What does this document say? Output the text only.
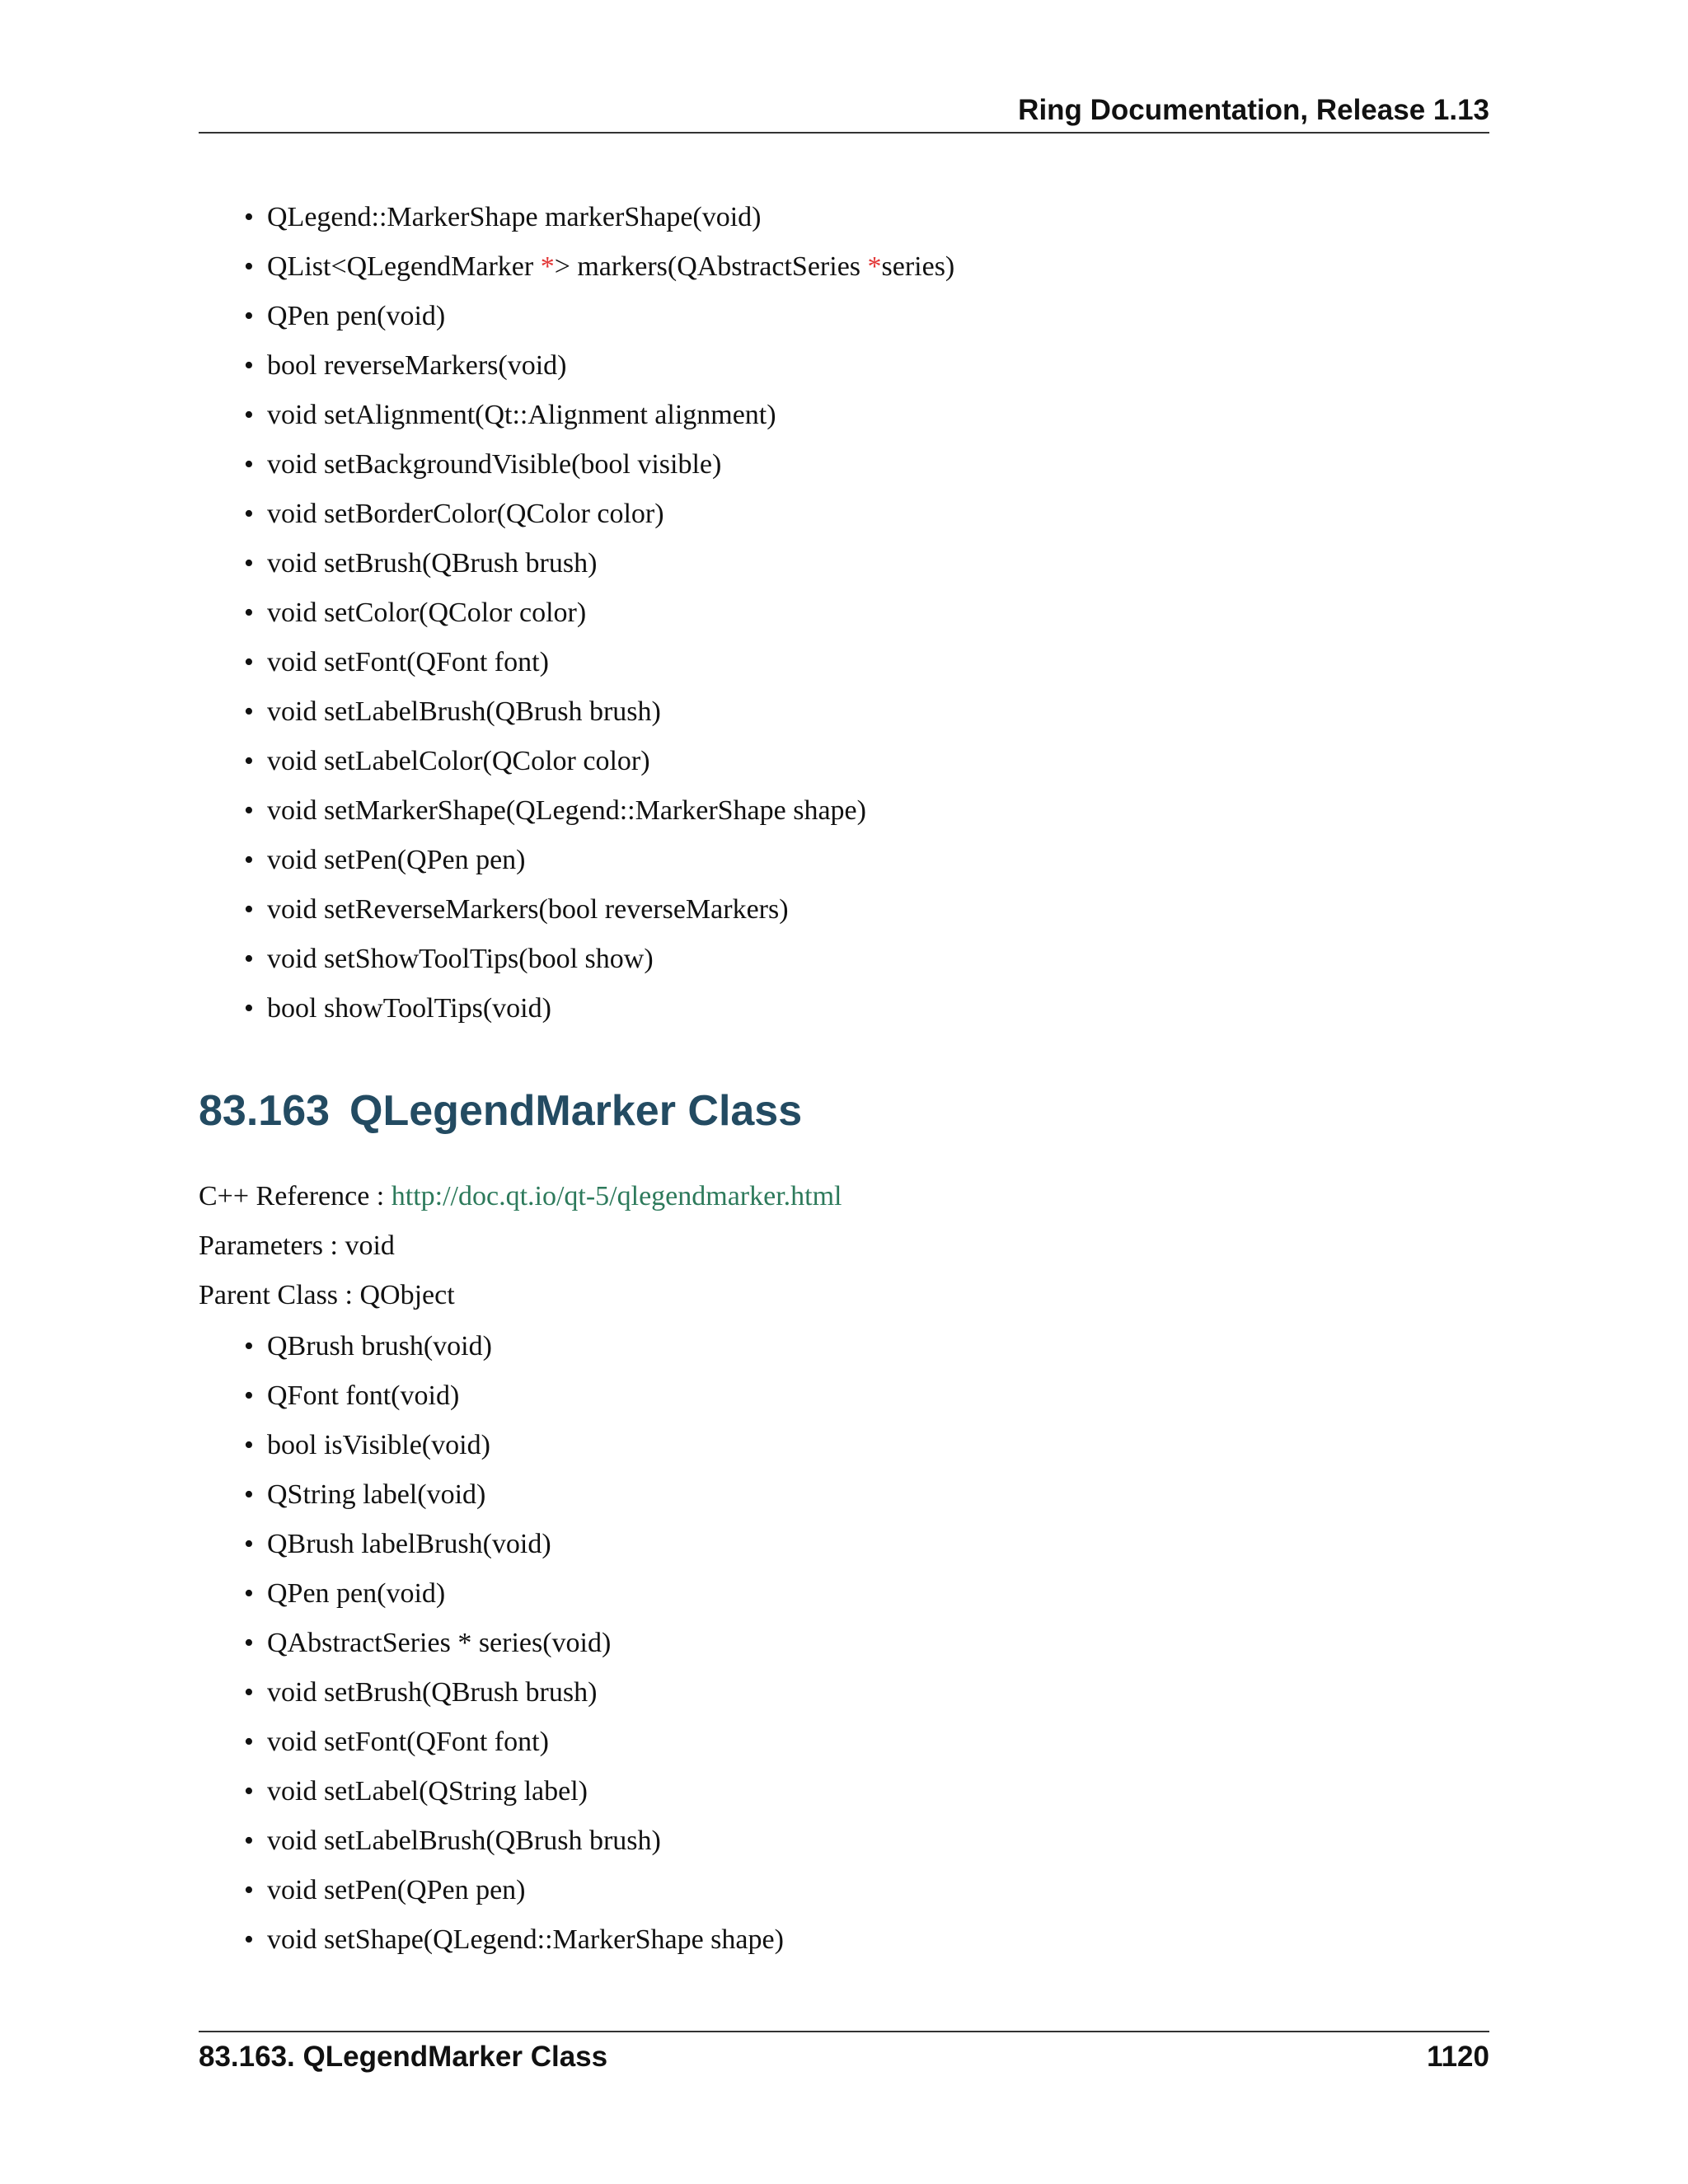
Ring Documentation, Release 1.13
• QLegend::MarkerShape markerShape(void)
• QList<QLegendMarker *> markers(QAbstractSeries *series)
• QPen pen(void)
• bool reverseMarkers(void)
• void setAlignment(Qt::Alignment alignment)
• void setBackgroundVisible(bool visible)
• void setBorderColor(QColor color)
• void setBrush(QBrush brush)
• void setColor(QColor color)
• void setFont(QFont font)
• void setLabelBrush(QBrush brush)
• void setLabelColor(QColor color)
• void setMarkerShape(QLegend::MarkerShape shape)
• void setPen(QPen pen)
• void setReverseMarkers(bool reverseMarkers)
• void setShowToolTips(bool show)
• bool showToolTips(void)
83.163 QLegendMarker Class
C++ Reference : http://doc.qt.io/qt-5/qlegendmarker.html
Parameters : void
Parent Class : QObject
• QBrush brush(void)
• QFont font(void)
• bool isVisible(void)
• QString label(void)
• QBrush labelBrush(void)
• QPen pen(void)
• QAbstractSeries * series(void)
• void setBrush(QBrush brush)
• void setFont(QFont font)
• void setLabel(QString label)
• void setLabelBrush(QBrush brush)
• void setPen(QPen pen)
• void setShape(QLegend::MarkerShape shape)
83.163. QLegendMarker Class	1120
